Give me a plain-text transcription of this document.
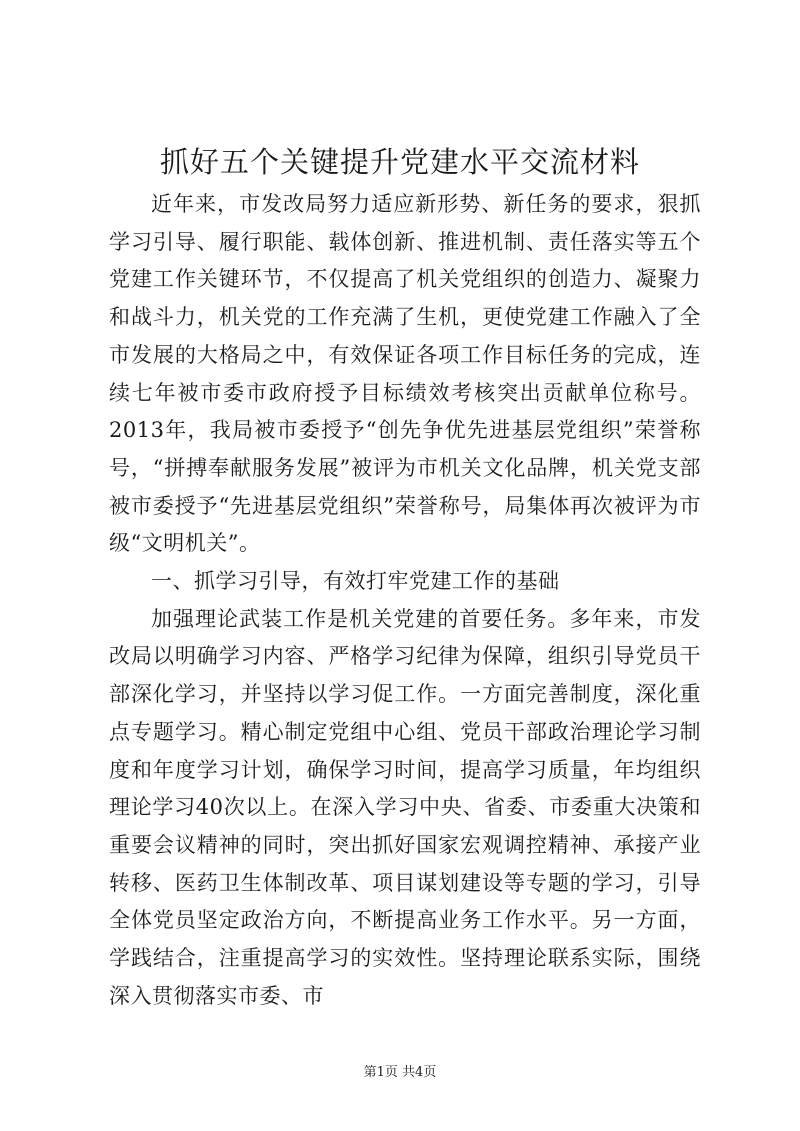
抓好五个关键提升党建水平交流材料

近年来，市发改局努力适应新形势、新任务的要求，狠抓学习引导、履行职能、载体创新、推进机制、责任落实等五个党建工作关键环节，不仅提高了机关党组织的创造力、凝聚力和战斗力，机关党的工作充满了生机，更使党建工作融入了全市发展的大格局之中，有效保证各项工作目标任务的完成，连续七年被市委市政府授予目标绩效考核突出贡献单位称号。2013年，我局被市委授予“创先争优先进基层党组织”荣誉称号，“拼搏奉献服务发展”被评为市机关文化品牌，机关党支部被市委授予“先进基层党组织”荣誉称号，局集体再次被评为市级“文明机关”。

一、抓学习引导，有效打牢党建工作的基础

加强理论武装工作是机关党建的首要任务。多年来，市发改局以明确学习内容、严格学习纪律为保障，组织引导党员干部深化学习，并坚持以学习促工作。一方面完善制度，深化重点专题学习。精心制定党组中心组、党员干部政治理论学习制度和年度学习计划，确保学习时间，提高学习质量，年均组织理论学习40次以上。在深入学习中央、省委、市委重大决策和重要会议精神的同时，突出抓好国家宏观调控精神、承接产业转移、医药卫生体制改革、项目谋划建设等专题的学习，引导全体党员坚定政治方向，不断提高业务工作水平。另一方面，学践结合，注重提高学习的实效性。坚持理论联系实际，围绕深入贯彻落实市委、市

第1页 共4页
